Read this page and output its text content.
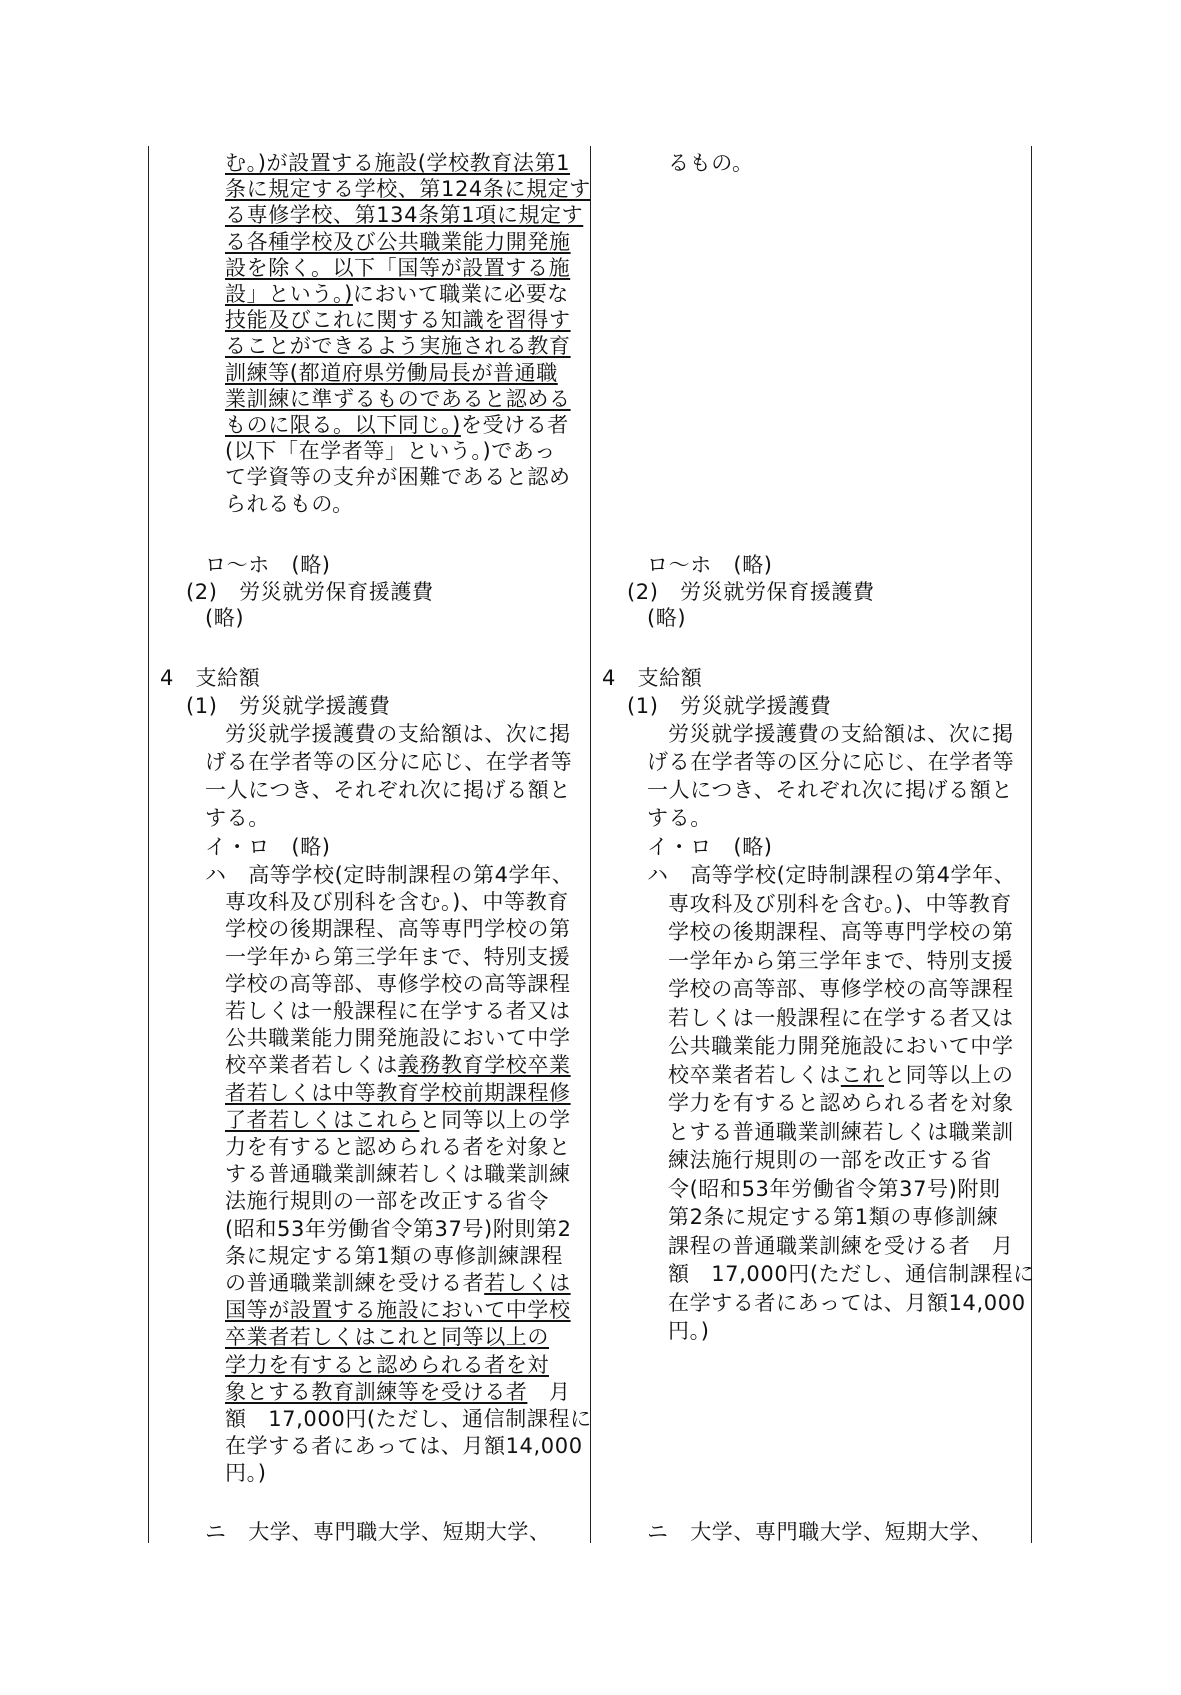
む。)が設置する施設(学校教育法第1
条に規定する学校、第124条に規定す
る専修学校、第134条第1項に規定す
る各種学校及び公共職業能力開発施
設を除く。以下「国等が設置する施
設」という。)において職業に必要な
技能及びこれに関する知識を習得す
ることができるよう実施される教育
訓練等(都道府県労働局長が普通職
業訓練に準ずるものであると認める
ものに限る。以下同じ。)を受ける者
(以下「在学者等」という。)であっ
て学資等の支弁が困難であると認め
られるもの。
ロ～ホ　(略)
(2)　労災就労保育援護費
(略)
4　支給額
(1)　労災就学援護費
労災就学援護費の支給額は、次に掲
げる在学者等の区分に応じ、在学者等
一人につき、それぞれ次に掲げる額と
する。
イ・ロ　(略)
ハ　高等学校(定時制課程の第4学年、
専攻科及び別科を含む。)、中等教育
学校の後期課程、高等専門学校の第
一学年から第三学年まで、特別支援
学校の高等部、専修学校の高等課程
若しくは一般課程に在学する者又は
公共職業能力開発施設において中学
校卒業者若しくは義務教育学校卒業
者若しくは中等教育学校前期課程修
了者若しくはこれらと同等以上の学
力を有すると認められる者を対象と
する普通職業訓練若しくは職業訓練
法施行規則の一部を改正する省令
(昭和53年労働省令第37号)附則第2
条に規定する第1類の専修訓練課程
の普通職業訓練を受ける者若しくは
国等が設置する施設において中学校
卒業者若しくはこれと同等以上の
学力を有すると認められる者を対
象とする教育訓練等を受ける者　月
額　17,000円(ただし、通信制課程に
在学する者にあっては、月額14,000
円。)
ニ　大学、専門職大学、短期大学、
るもの。
ロ～ホ　(略)
(2)　労災就労保育援護費
(略)
4　支給額
(1)　労災就学援護費
労災就学援護費の支給額は、次に掲
げる在学者等の区分に応じ、在学者等
一人につき、それぞれ次に掲げる額と
する。
イ・ロ　(略)
ハ　高等学校(定時制課程の第4学年、
専攻科及び別科を含む。)、中等教育
学校の後期課程、高等専門学校の第
一学年から第三学年まで、特別支援
学校の高等部、専修学校の高等課程
若しくは一般課程に在学する者又は
公共職業能力開発施設において中学
校卒業者若しくはこれと同等以上の
学力を有すると認められる者を対象
とする普通職業訓練若しくは職業訓
練法施行規則の一部を改正する省
令(昭和53年労働省令第37号)附則
第2条に規定する第1類の専修訓練
課程の普通職業訓練を受ける者　月
額　17,000円(ただし、通信制課程に
在学する者にあっては、月額14,000
円。)
ニ　大学、専門職大学、短期大学、
